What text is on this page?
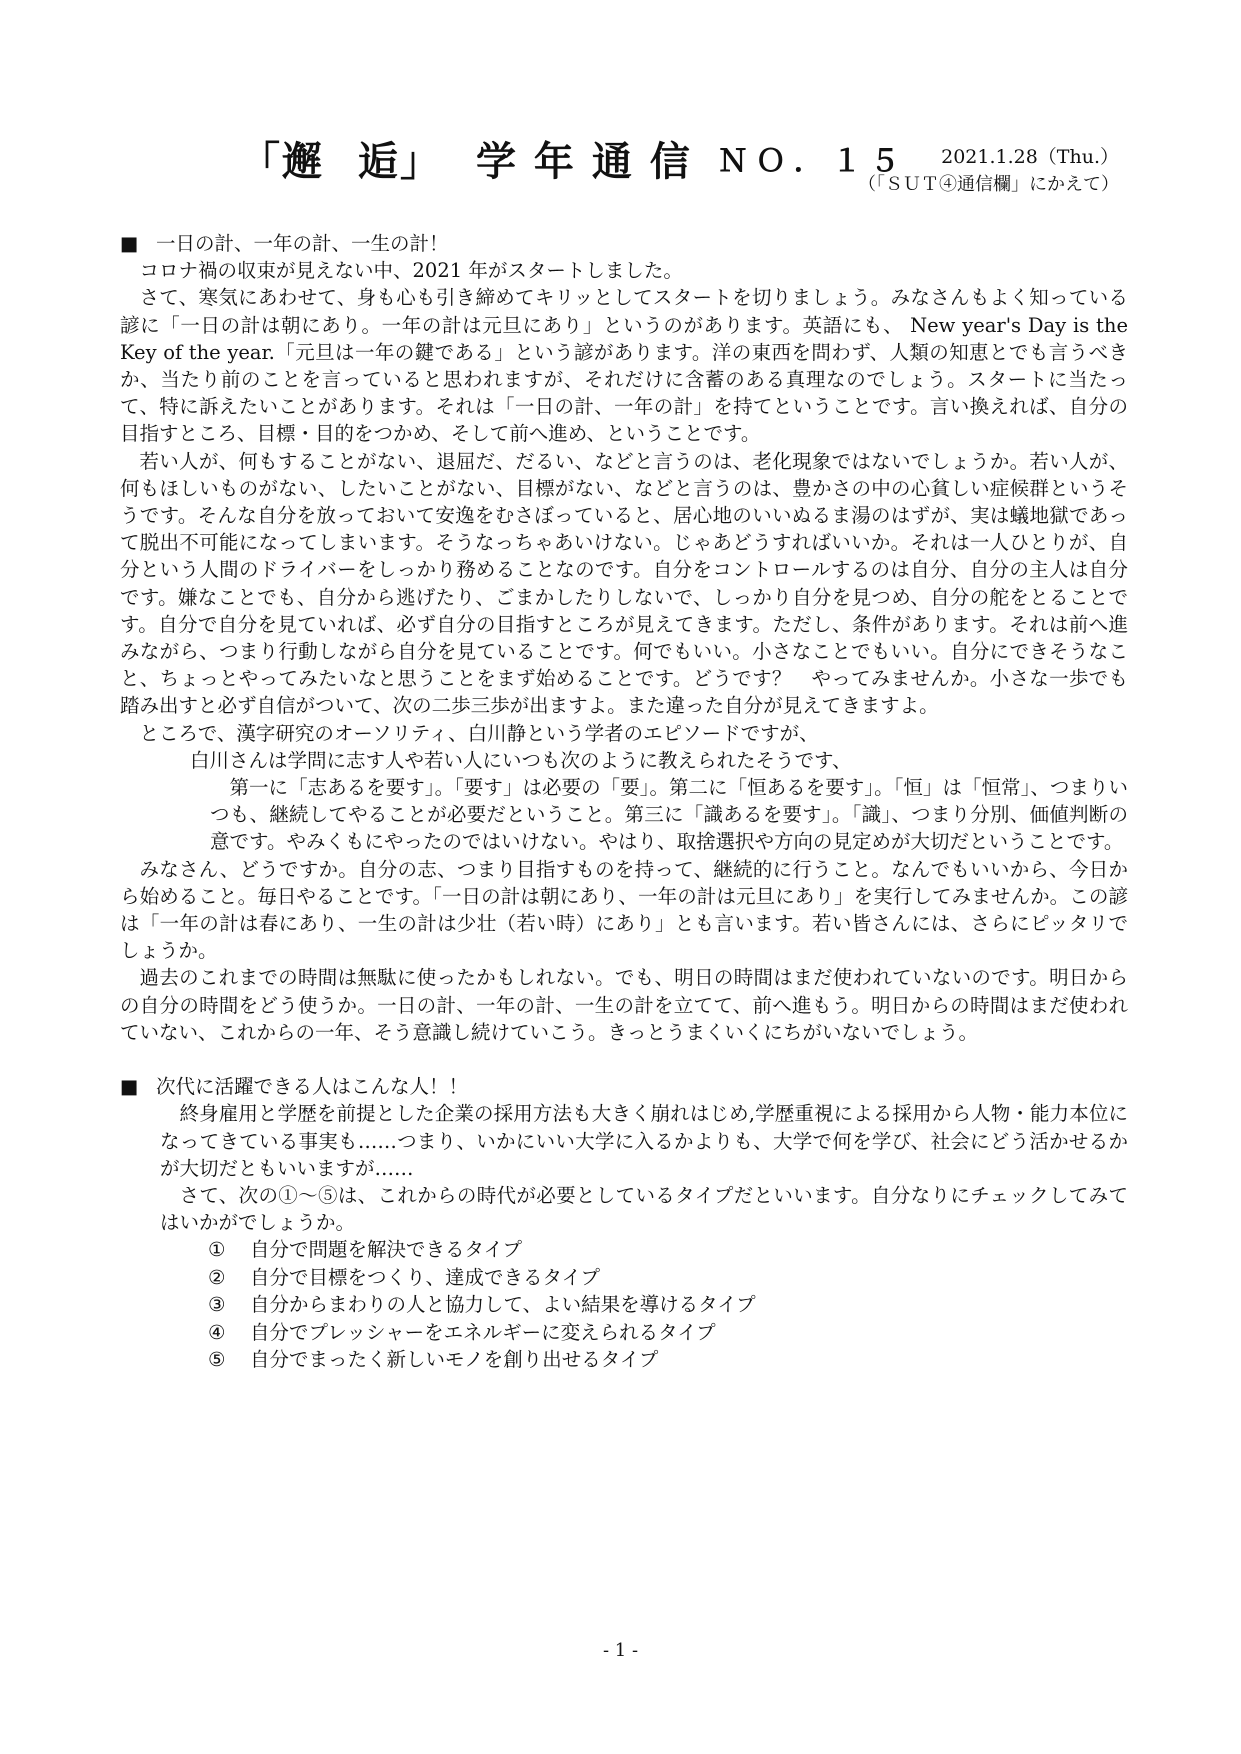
「邂 逅」 学 年 通 信 ＮＯ．１５ 2021.1.28（Thu.）
（「ＳＵＴ④通信欄」にかえて）
■ 一日の計、一年の計、一生の計！

コロナ禍の収束が見えない中、2021 年がスタートしました。

さて、寒気にあわせて、身も心も引き締めてキリッとしてスタートを切りましょう。みなさんもよく知っている諺に「一日の計は朝にあり。一年の計は元旦にあり」というのがあります。英語にも、 New year's Day is the Key of the year.「元旦は一年の鍵である」という諺があります。洋の東西を問わず、人類の知恵とでも言うべきか、当たり前のことを言っていると思われますが、それだけに含蓄のある真理なのでしょう。スタートに当たって、特に訴えたいことがあります。それは「一日の計、一年の計」を持てということです。言い換えれば、自分の目指すところ、目標・目的をつかめ、そして前へ進め、ということです。

若い人が、何もすることがない、退屈だ、だるい、などと言うのは、老化現象ではないでしょうか。若い人が、何もほしいものがない、したいことがない、目標がない、などと言うのは、豊かさの中の心貧しい症候群というそうです。そんな自分を放っておいて安逸をむさぼっていると、居心地のいいぬるま湯のはずが、実は蟻地獄であって脱出不可能になってしまいます。そうなっちゃあいけない。じゃあどうすればいいか。それは一人ひとりが、自分という人間のドライバーをしっかり務めることなのです。自分をコントロールするのは自分、自分の主人は自分です。嫌なことでも、自分から逃げたり、ごまかしたりしないで、しっかり自分を見つめ、自分の舵をとることです。自分で自分を見ていれば、必ず自分の目指すところが見えてきます。ただし、条件があります。それは前へ進みながら、つまり行動しながら自分を見ていることです。何でもいい。小さなことでもいい。自分にできそうなこと、ちょっとやってみたいなと思うことをまず始めることです。どうです？　やってみませんか。小さな一歩でも踏み出すと必ず自信がついて、次の二歩三歩が出ますよ。また違った自分が見えてきますよ。

ところで、漢字研究のオーソリティ、白川静という学者のエピソードですが、

白川さんは学問に志す人や若い人にいつも次のように教えられたそうです、

第一に「志あるを要す」。「要す」は必要の「要」。第二に「恒あるを要す」。「恒」は「恒常」、つまりいつも、継続してやることが必要だということ。第三に「識あるを要す」。「識」、つまり分別、価値判断の意です。やみくもにやったのではいけない。やはり、取捨選択や方向の見定めが大切だということです。

みなさん、どうですか。自分の志、つまり目指すものを持って、継続的に行うこと。なんでもいいから、今日から始めること。毎日やることです。「一日の計は朝にあり、一年の計は元旦にあり」を実行してみませんか。この諺は「一年の計は春にあり、一生の計は少壮（若い時）にあり」とも言います。若い皆さんには、さらにピッタリでしょうか。

過去のこれまでの時間は無駄に使ったかもしれない。でも、明日の時間はまだ使われていないのです。明日からの自分の時間をどう使うか。一日の計、一年の計、一生の計を立てて、前へ進もう。明日からの時間はまだ使われていない、これからの一年、そう意識し続けていこう。きっとうまくいくにちがいないでしょう。

■ 次代に活躍できる人はこんな人！！

終身雇用と学歴を前提とした企業の採用方法も大きく崩れはじめ,学歴重視による採用から人物・能力本位になってきている事実も……つまり、いかにいい大学に入るかよりも、大学で何を学び、社会にどう活かせるかが大切だともいいますが……

さて、次の①～⑤は、これからの時代が必要としているタイプだといいます。自分なりにチェックしてみてはいかがでしょうか。

① 自分で問題を解決できるタイプ
② 自分で目標をつくり、達成できるタイプ
③ 自分からまわりの人と協力して、よい結果を導けるタイプ
④ 自分でプレッシャーをエネルギーに変えられるタイプ
⑤ 自分でまったく新しいモノを創り出せるタイプ
- 1 -
